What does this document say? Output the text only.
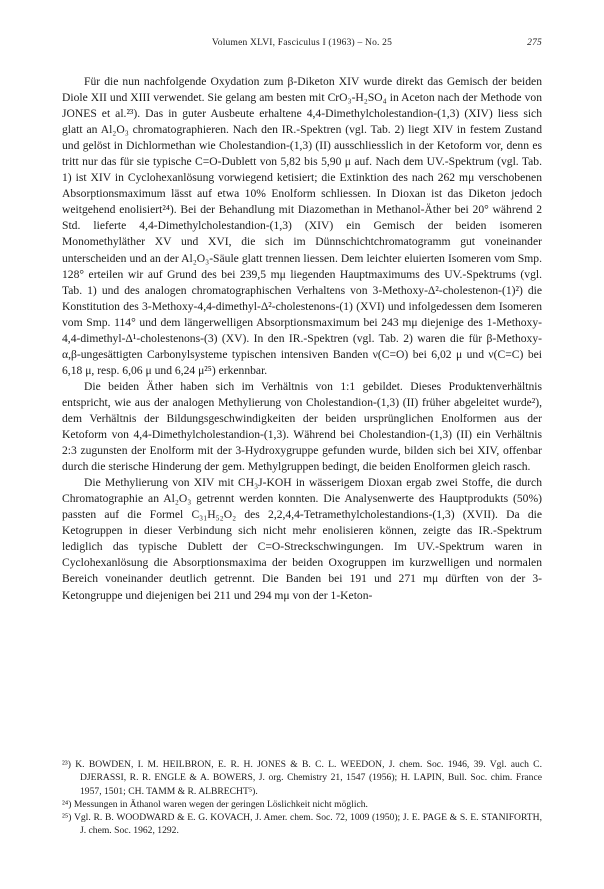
Volumen XLVI, Fasciculus I (1963) – No. 25	275

Für die nun nachfolgende Oxydation zum β-Diketon XIV wurde direkt das Gemisch der beiden Diole XII und XIII verwendet. Sie gelang am besten mit CrO₃-H₂SO₄ in Aceton nach der Methode von JONES et al.²³). Das in guter Ausbeute erhaltene 4,4-Dimethylcholestandion-(1,3) (XIV) liess sich glatt an Al₂O₃ chromatographieren. Nach den IR.-Spektren (vgl. Tab. 2) liegt XIV in festem Zustand und gelöst in Dichlormethan wie Cholestandion-(1,3) (II) ausschliesslich in der Ketoform vor, denn es tritt nur das für sie typische C=O-Dublett von 5,82 bis 5,90 μ auf. Nach dem UV.-Spektrum (vgl. Tab. 1) ist XIV in Cyclohexanlösung vorwiegend ketisiert; die Extinktion des nach 262 mμ verschobenen Absorptionsmaximum lässt auf etwa 10% Enolform schliessen. In Dioxan ist das Diketon jedoch weitgehend enolisiert²⁴). Bei der Behandlung mit Diazomethan in Methanol-Äther bei 20° während 2 Std. lieferte 4,4-Dimethylcholestandion-(1,3) (XIV) ein Gemisch der beiden isomeren Monomethyläther XV und XVI, die sich im Dünnschichtchromatogramm gut voneinander unterscheiden und an der Al₂O₃-Säule glatt trennen liessen. Dem leichter eluierten Isomeren vom Smp. 128° erteilen wir auf Grund des bei 239,5 mμ liegenden Hauptmaximums des UV.-Spektrums (vgl. Tab. 1) und des analogen chromatographischen Verhaltens von 3-Methoxy-Δ²-cholestenon-(1)²) die Konstitution des 3-Methoxy-4,4-dimethyl-Δ²-cholestenons-(1) (XVI) und infolgedessen dem Isomeren vom Smp. 114° und dem längerwelligen Absorptionsmaximum bei 243 mμ diejenige des 1-Methoxy-4,4-dimethyl-Δ¹-cholestenons-(3) (XV). In den IR.-Spektren (vgl. Tab. 2) waren die für β-Methoxy-α,β-ungesättigten Carbonylsysteme typischen intensiven Banden ν(C=O) bei 6,02 μ und ν(C=C) bei 6,18 μ, resp. 6,06 μ und 6,24 μ²⁵) erkennbar.

Die beiden Äther haben sich im Verhältnis von 1:1 gebildet. Dieses Produktenverhältnis entspricht, wie aus der analogen Methylierung von Cholestandion-(1,3) (II) früher abgeleitet wurde²), dem Verhältnis der Bildungsgeschwindigkeiten der beiden ursprünglichen Enolformen aus der Ketoform von 4,4-Dimethylcholestandion-(1,3). Während bei Cholestandion-(1,3) (II) ein Verhältnis 2:3 zugunsten der Enolform mit der 3-Hydroxygruppe gefunden wurde, bilden sich bei XIV, offenbar durch die sterische Hinderung der gem. Methylgruppen bedingt, die beiden Enolformen gleich rasch.

Die Methylierung von XIV mit CH₃J-KOH in wässerigem Dioxan ergab zwei Stoffe, die durch Chromatographie an Al₂O₃ getrennt werden konnten. Die Analysenwerte des Hauptprodukts (50%) passten auf die Formel C₃₁H₅₂O₂ des 2,2,4,4-Tetramethylcholestandions-(1,3) (XVII). Da die Ketogruppen in dieser Verbindung sich nicht mehr enolisieren können, zeigte das IR.-Spektrum lediglich das typische Dublett der C=O-Streckschwingungen. Im UV.-Spektrum waren in Cyclohexanlösung die Absorptionsmaxima der beiden Oxogruppen im kurzwelligen und normalen Bereich voneinander deutlich getrennt. Die Banden bei 191 und 271 mμ dürften von der 3-Ketongruppe und diejenigen bei 211 und 294 mμ von der 1-Keton-

²³) K. BOWDEN, I. M. HEILBRON, E. R. H. JONES & B. C. L. WEEDON, J. chem. Soc. 1946, 39. Vgl. auch C. DJERASSI, R. R. ENGLE & A. BOWERS, J. org. Chemistry 21, 1547 (1956); H. LAPIN, Bull. Soc. chim. France 1957, 1501; CH. TAMM & R. ALBRECHT⁵).

²⁴) Messungen in Äthanol waren wegen der geringen Löslichkeit nicht möglich.

²⁵) Vgl. R. B. WOODWARD & E. G. KOVACH, J. Amer. chem. Soc. 72, 1009 (1950); J. E. PAGE & S. E. STANIFORTH, J. chem. Soc. 1962, 1292.
